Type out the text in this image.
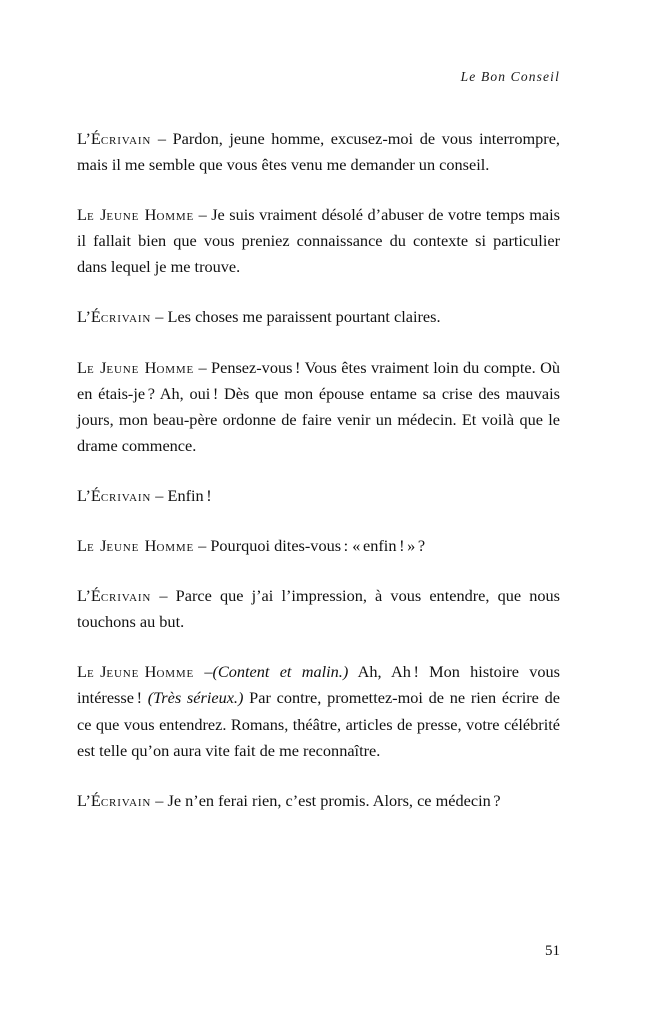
Le Bon Conseil

L’Écrivain – Pardon, jeune homme, excusez-moi de vous interrompre, mais il me semble que vous êtes venu me demander un conseil.

Le Jeune Homme – Je suis vraiment désolé d’abuser de votre temps mais il fallait bien que vous preniez connaissance du contexte si particulier dans lequel je me trouve.

L’Écrivain – Les choses me paraissent pourtant claires.

Le Jeune Homme – Pensez-vous ! Vous êtes vraiment loin du compte. Où en étais-je ? Ah, oui ! Dès que mon épouse entame sa crise des mauvais jours, mon beau-père ordonne de faire venir un médecin. Et voilà que le drame commence.

L’Écrivain – Enfin !

Le Jeune Homme – Pourquoi dites-vous : « enfin ! » ?

L’Écrivain – Parce que j’ai l’impression, à vous entendre, que nous touchons au but.

Le Jeune Homme –(Content et malin.) Ah, Ah ! Mon histoire vous intéresse ! (Très sérieux.) Par contre, promettez-moi de ne rien écrire de ce que vous entendrez. Romans, théâtre, articles de presse, votre célébrité est telle qu’on aura vite fait de me reconnaître.

L’Écrivain – Je n’en ferai rien, c’est promis. Alors, ce médecin ?

51
